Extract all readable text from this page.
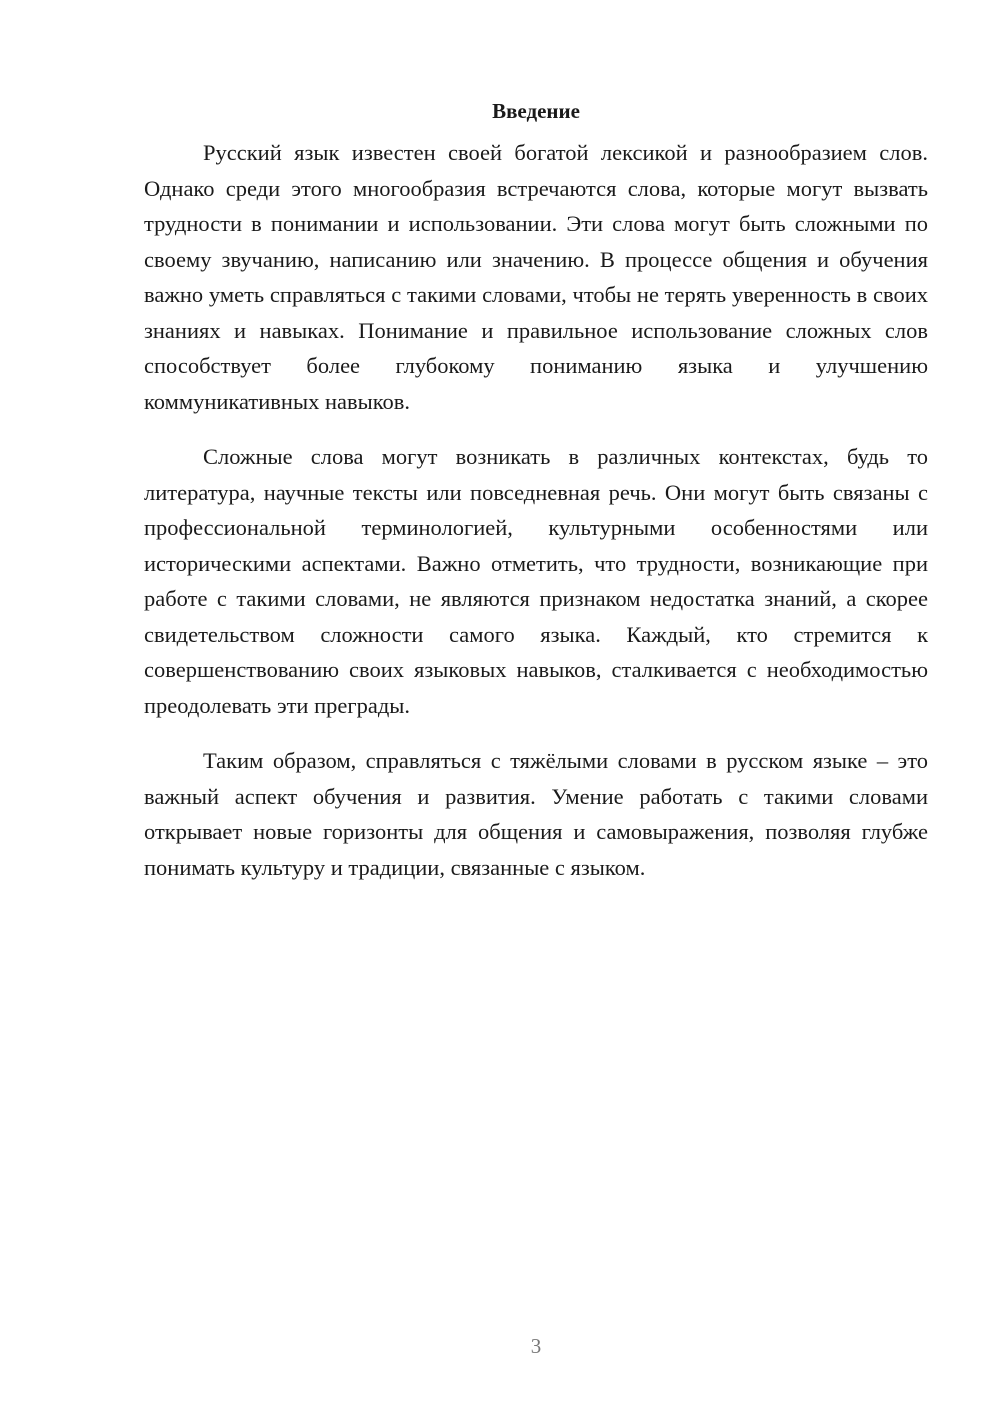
Введение

Русский язык известен своей богатой лексикой и разнообразием слов. Однако среди этого многообразия встречаются слова, которые могут вызвать трудности в понимании и использовании. Эти слова могут быть сложными по своему звучанию, написанию или значению. В процессе общения и обучения важно уметь справляться с такими словами, чтобы не терять уверенность в своих знаниях и навыках. Понимание и правильное использование сложных слов способствует более глубокому пониманию языка и улучшению коммуникативных навыков.

Сложные слова могут возникать в различных контекстах, будь то литература, научные тексты или повседневная речь. Они могут быть связаны с профессиональной терминологией, культурными особенностями или историческими аспектами. Важно отметить, что трудности, возникающие при работе с такими словами, не являются признаком недостатка знаний, а скорее свидетельством сложности самого языка. Каждый, кто стремится к совершенствованию своих языковых навыков, сталкивается с необходимостью преодолевать эти преграды.

Таким образом, справляться с тяжёлыми словами в русском языке – это важный аспект обучения и развития. Умение работать с такими словами открывает новые горизонты для общения и самовыражения, позволяя глубже понимать культуру и традиции, связанные с языком.

3
